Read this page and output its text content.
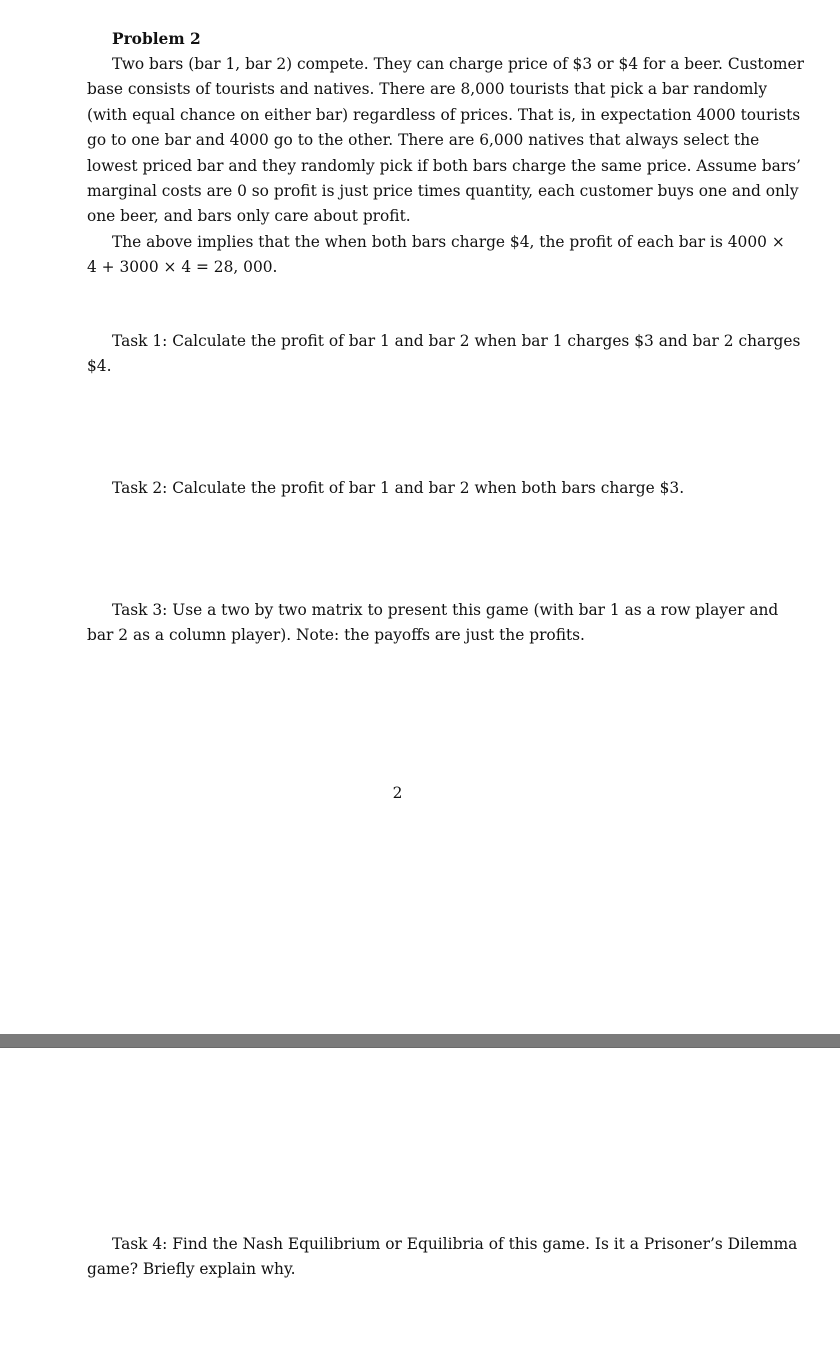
Problem 2

Two bars (bar 1, bar 2) compete. They can charge price of $3 or $4 for a beer. Customer
base consists of tourists and natives. There are 8,000 tourists that pick a bar randomly
(with equal chance on either bar) regardless of prices. That is, in expectation 4000 tourists
go to one bar and 4000 go to the other. There are 6,000 natives that always select the
lowest priced bar and they randomly pick if both bars charge the same price. Assume bars’
marginal costs are 0 so profit is just price times quantity, each customer buys one and only
one beer, and bars only care about profit.

The above implies that the when both bars charge $4, the profit of each bar is 4000 ×
4 + 3000 × 4 = 28, 000.

Task 1: Calculate the profit of bar 1 and bar 2 when bar 1 charges $3 and bar 2 charges
$4.

Task 2: Calculate the profit of bar 1 and bar 2 when both bars charge $3.

Task 3: Use a two by two matrix to present this game (with bar 1 as a row player and
bar 2 as a column player). Note: the payoffs are just the profits.

2

Task 4: Find the Nash Equilibrium or Equilibria of this game. Is it a Prisoner’s Dilemma
game? Briefly explain why.
